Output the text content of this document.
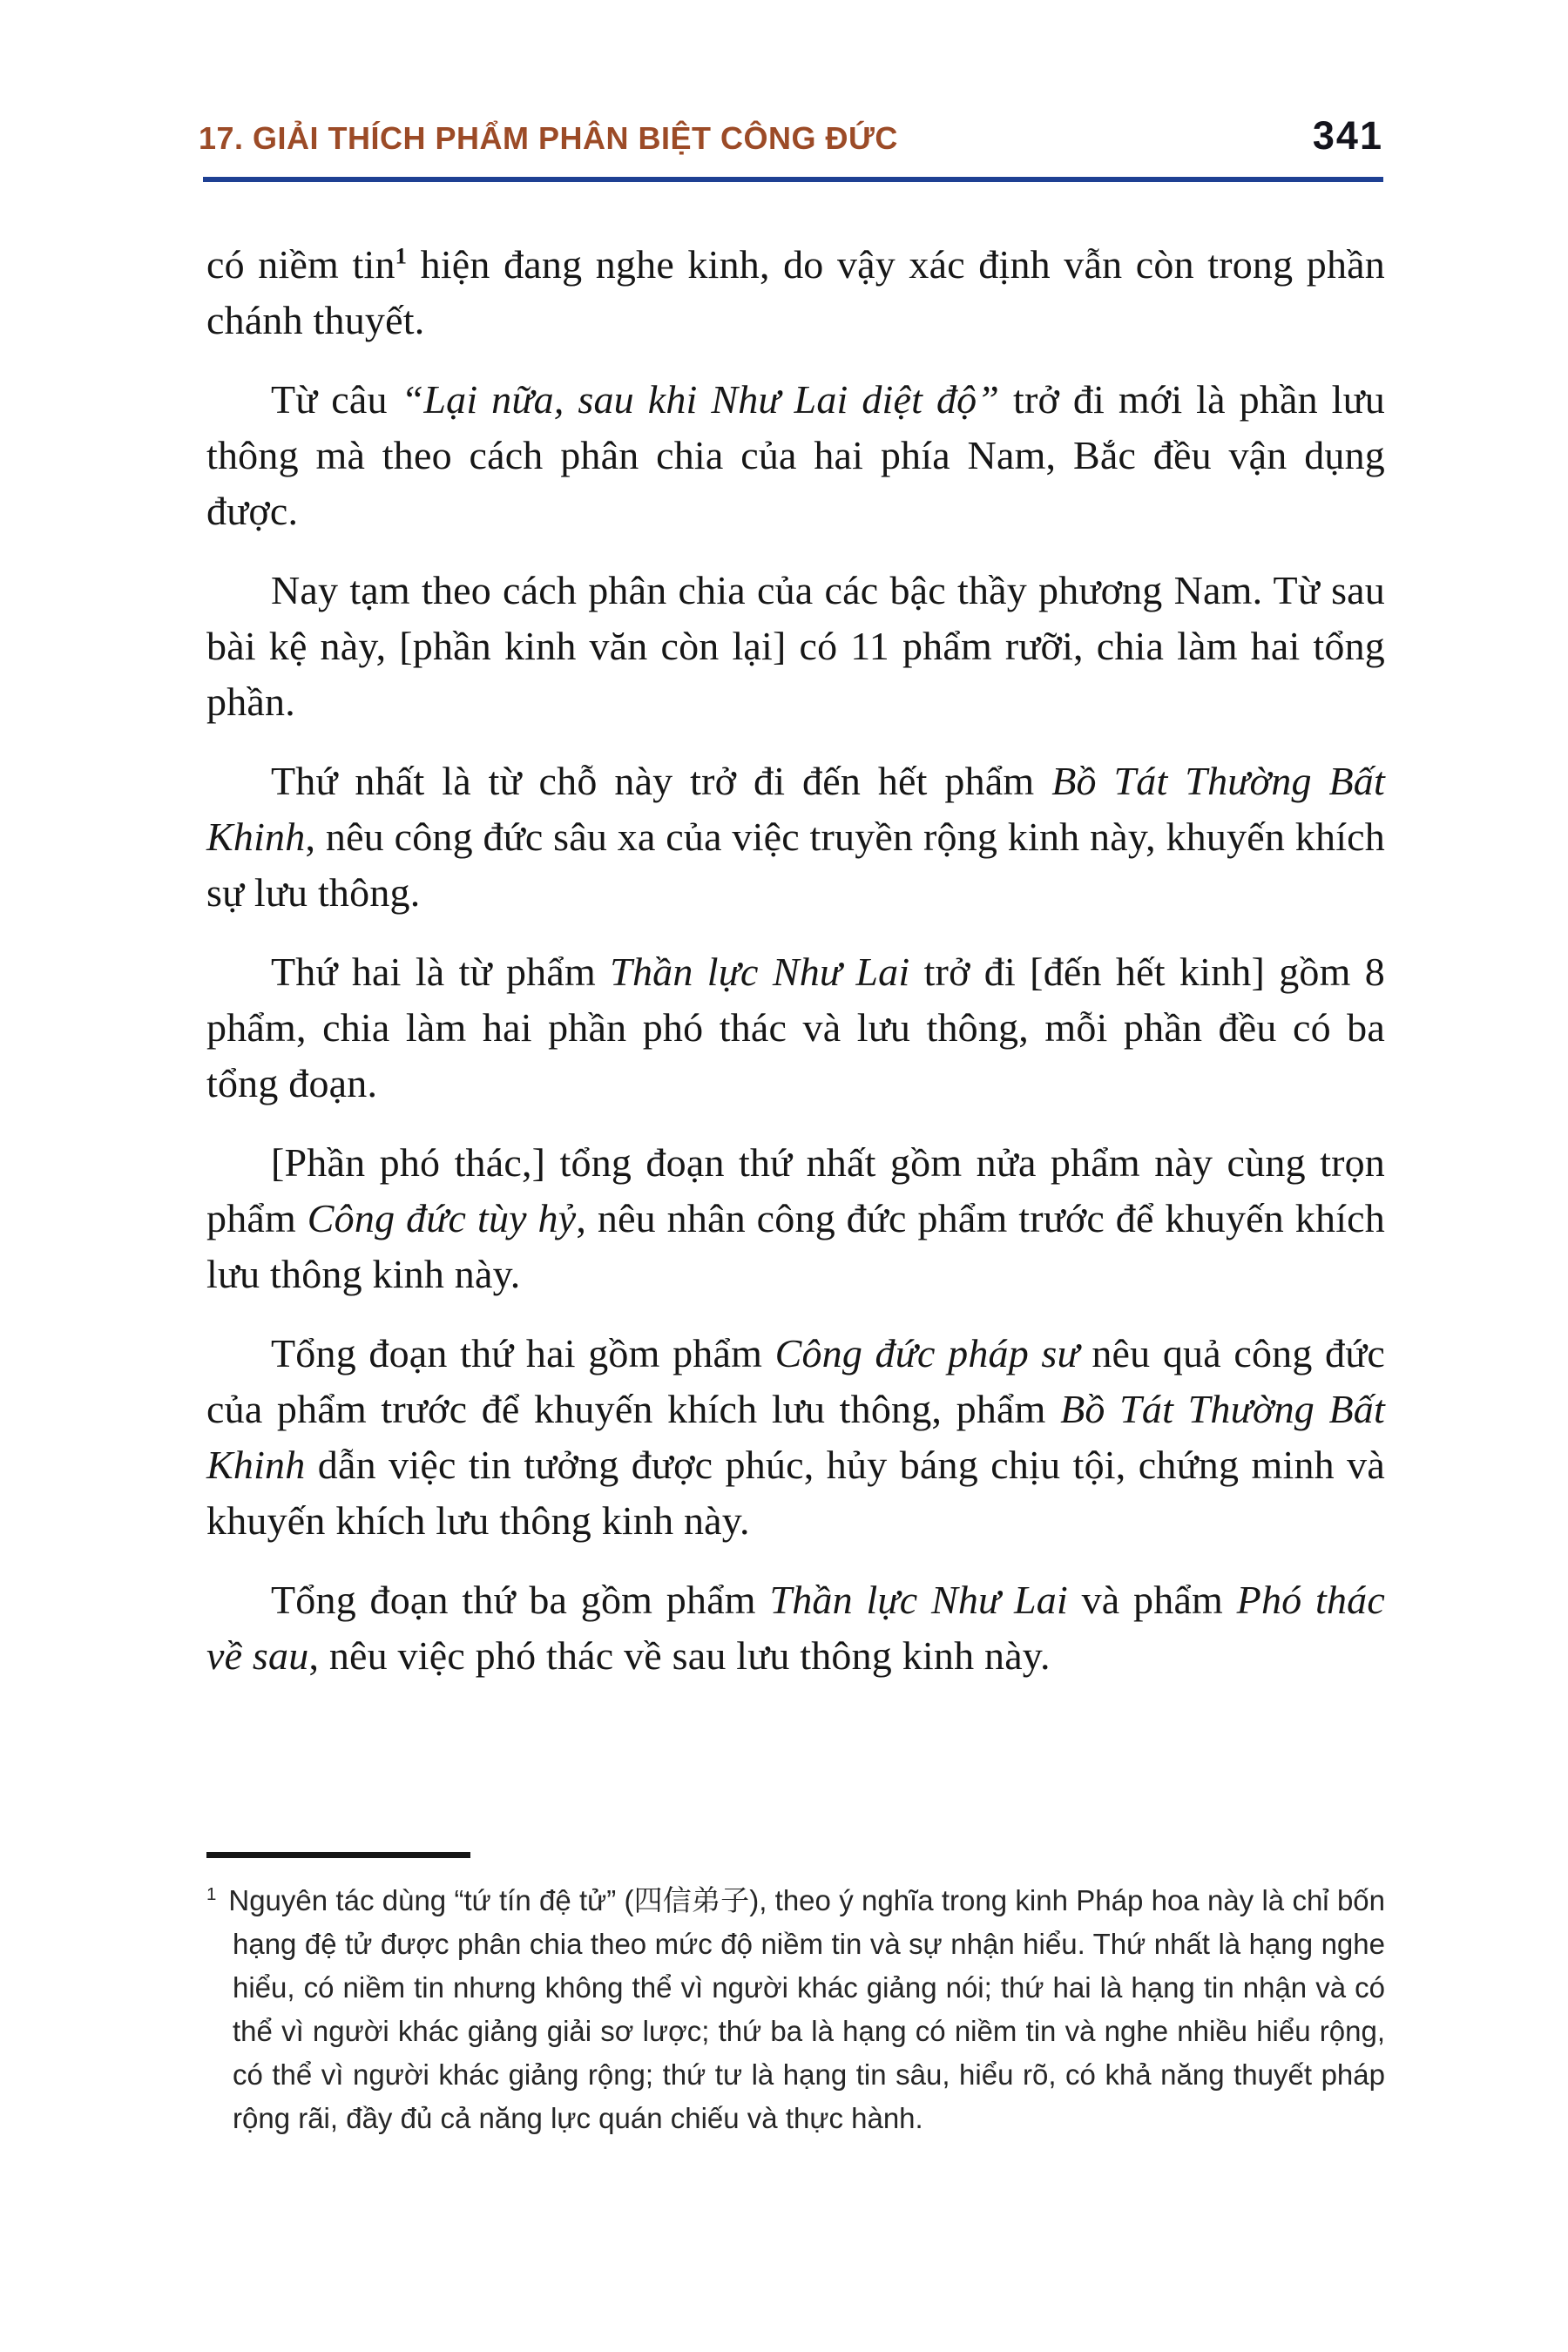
17. GIẢI THÍCH PHẨM PHÂN BIỆT CÔNG ĐỨC	341

có niềm tin$^1$ hiện đang nghe kinh, do vậy xác định vẫn còn trong phần chánh thuyết.

Từ câu “Lại nữa, sau khi Như Lai diệt độ” trở đi mới là phần lưu thông mà theo cách phân chia của hai phía Nam, Bắc đều vận dụng được.

Nay tạm theo cách phân chia của các bậc thầy phương Nam. Từ sau bài kệ này, [phần kinh văn còn lại] có 11 phẩm rưỡi, chia làm hai tổng phần.

Thứ nhất là từ chỗ này trở đi đến hết phẩm Bồ Tát Thường Bất Khinh, nêu công đức sâu xa của việc truyền rộng kinh này, khuyến khích sự lưu thông.

Thứ hai là từ phẩm Thần lực Như Lai trở đi [đến hết kinh] gồm 8 phẩm, chia làm hai phần phó thác và lưu thông, mỗi phần đều có ba tổng đoạn.

[Phần phó thác,] tổng đoạn thứ nhất gồm nửa phẩm này cùng trọn phẩm Công đức tùy hỷ, nêu nhân công đức phẩm trước để khuyến khích lưu thông kinh này.

Tổng đoạn thứ hai gồm phẩm Công đức pháp sư nêu quả công đức của phẩm trước để khuyến khích lưu thông, phẩm Bồ Tát Thường Bất Khinh dẫn việc tin tưởng được phúc, hủy báng chịu tội, chứng minh và khuyến khích lưu thông kinh này.

Tổng đoạn thứ ba gồm phẩm Thần lực Như Lai và phẩm Phó thác về sau, nêu việc phó thác về sau lưu thông kinh này.

$^1$ Nguyên tác dùng “tứ tín đệ tử” (四信弟子), theo ý nghĩa trong kinh Pháp hoa này là chỉ bốn hạng đệ tử được phân chia theo mức độ niềm tin và sự nhận hiểu. Thứ nhất là hạng nghe hiểu, có niềm tin nhưng không thể vì người khác giảng nói; thứ hai là hạng tin nhận và có thể vì người khác giảng giải sơ lược; thứ ba là hạng có niềm tin và nghe nhiều hiểu rộng, có thể vì người khác giảng rộng; thứ tư là hạng tin sâu, hiểu rõ, có khả năng thuyết pháp rộng rãi, đầy đủ cả năng lực quán chiếu và thực hành.
